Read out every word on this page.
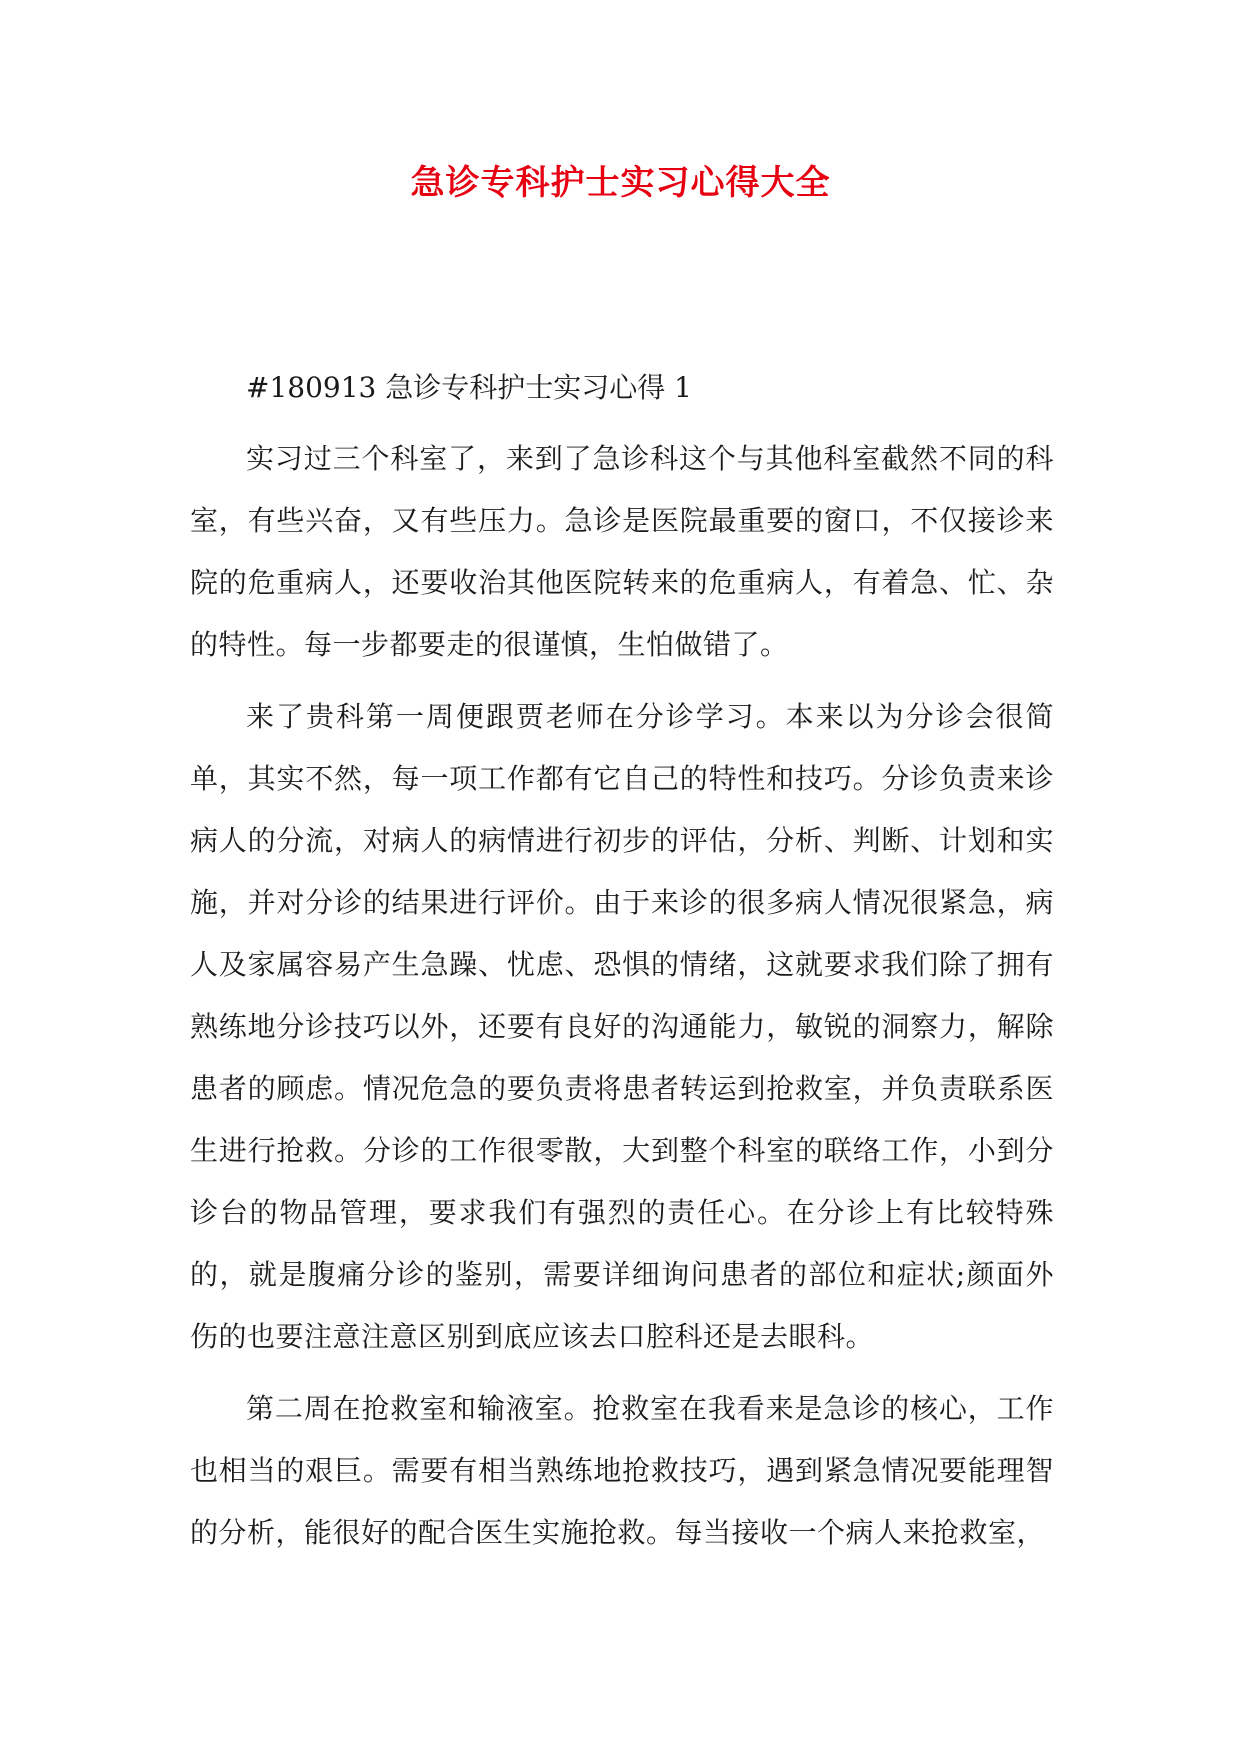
急诊专科护士实习心得大全
#180913 急诊专科护士实习心得 1

实习过三个科室了，来到了急诊科这个与其他科室截然不同的科室，有些兴奋，又有些压力。急诊是医院最重要的窗口，不仅接诊来院的危重病人，还要收治其他医院转来的危重病人，有着急、忙、杂的特性。每一步都要走的很谨慎，生怕做错了。

来了贵科第一周便跟贾老师在分诊学习。本来以为分诊会很简单，其实不然，每一项工作都有它自己的特性和技巧。分诊负责来诊病人的分流，对病人的病情进行初步的评估，分析、判断、计划和实施，并对分诊的结果进行评价。由于来诊的很多病人情况很紧急，病人及家属容易产生急躁、忧虑、恐惧的情绪，这就要求我们除了拥有熟练地分诊技巧以外，还要有良好的沟通能力，敏锐的洞察力，解除患者的顾虑。情况危急的要负责将患者转运到抢救室，并负责联系医生进行抢救。分诊的工作很零散，大到整个科室的联络工作，小到分诊台的物品管理，要求我们有强烈的责任心。在分诊上有比较特殊的，就是腹痛分诊的鉴别，需要详细询问患者的部位和症状;颜面外伤的也要注意注意区别到底应该去口腔科还是去眼科。

第二周在抢救室和输液室。抢救室在我看来是急诊的核心，工作也相当的艰巨。需要有相当熟练地抢救技巧，遇到紧急情况要能理智的分析，能很好的配合医生实施抢救。每当接收一个病人来抢救室，
